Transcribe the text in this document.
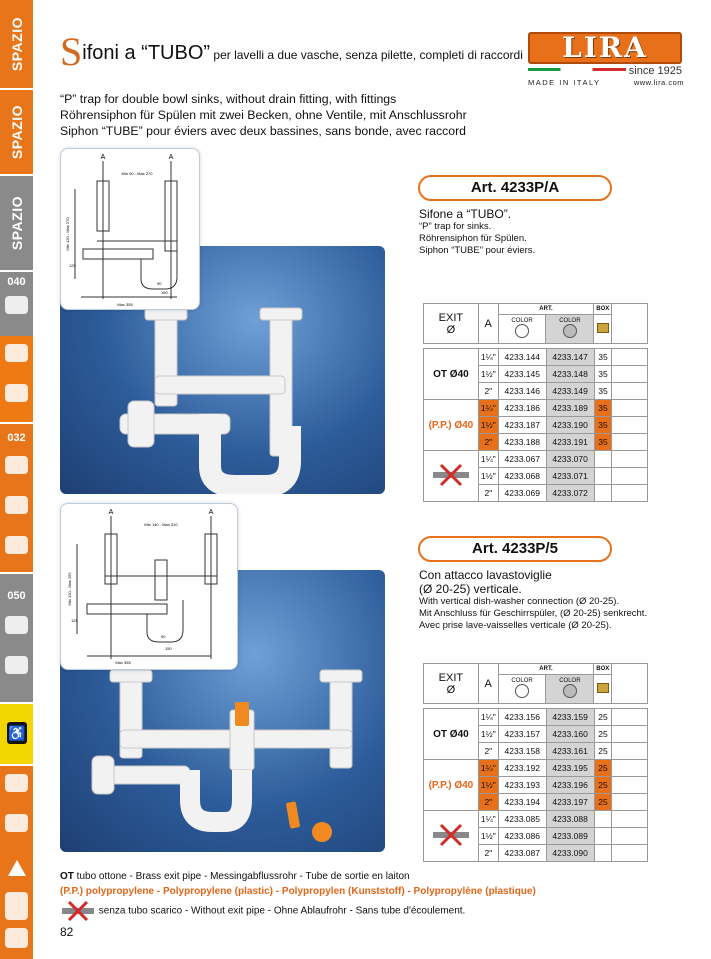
SPAZIO
SPAZIO
SPAZIO
040
032
050
♿
Sifoni a “TUBO” per lavelli a due vasche, senza pilette, completi di raccordi	LIRA
since 1925
MADE IN ITALY	www.lira.com
“P” trap for double bowl sinks, without drain fitting, with fittings
Röhrensiphon für Spülen mit zwei Becken, ohne Ventile, mit Anschlussrohr
Siphon “TUBE” pour éviers avec deux bassines, sans bonde, avec raccord
A	A
Min 90 - Max 270
Min 120 - Max 270
125
90
150
Max 355
Art. 4233P/A
Sifone a “TUBO”.
“P” trap for sinks.
Röhrensiphon für Spülen.
Siphon “TUBE” pour éviers.
EXIT
Ø	A	ART.		BOX	

		COLOR	COLOR		

OT Ø40	1¼"	4233.144	4233.147	35	
	1½"	4233.145	4233.148	35	
	2"	4233.146	4233.149	35	
(P.P.) Ø40	1¼"	4233.186	4233.189	35	
	1½"	4233.187	4233.190	35	
	2"	4233.188	4233.191	35	
	1¼"	4233.067	4233.070		
	1½"	4233.068	4233.071		
	2"	4233.069	4233.072		
A	A
Min 140 - Max 310
Min 120 - Max 255
125
90
150
Max 355
Art. 4233P/5
Con attacco lavastoviglie
(Ø 20-25) verticale.
With vertical dish-washer connection (Ø 20-25).
Mit Anschluss für Geschirrspüler, (Ø 20-25) senkrecht.
Avec prise lave-vaisselles verticale (Ø 20-25).
EXIT
Ø	A	ART.		BOX	

		COLOR	COLOR		

OT Ø40	1¼"	4233.156	4233.159	25	
	1½"	4233.157	4233.160	25	
	2"	4233.158	4233.161	25	
(P.P.) Ø40	1¼"	4233.192	4233.195	25	
	1½"	4233.193	4233.196	25	
	2"	4233.194	4233.197	25	
	1¼"	4233.085	4233.088		
	1½"	4233.086	4233.089		
	2"	4233.087	4233.090		
OT tubo ottone - Brass exit pipe - Messingabflussrohr - Tube de sortie en laiton
(P.P.) polypropylene - Polypropylene (plastic) - Polypropylen (Kunststoff) - Polypropylène (plastique)
senza tubo scarico - Without exit pipe - Ohne Ablaufrohr - Sans tube d'écoulement.
82
